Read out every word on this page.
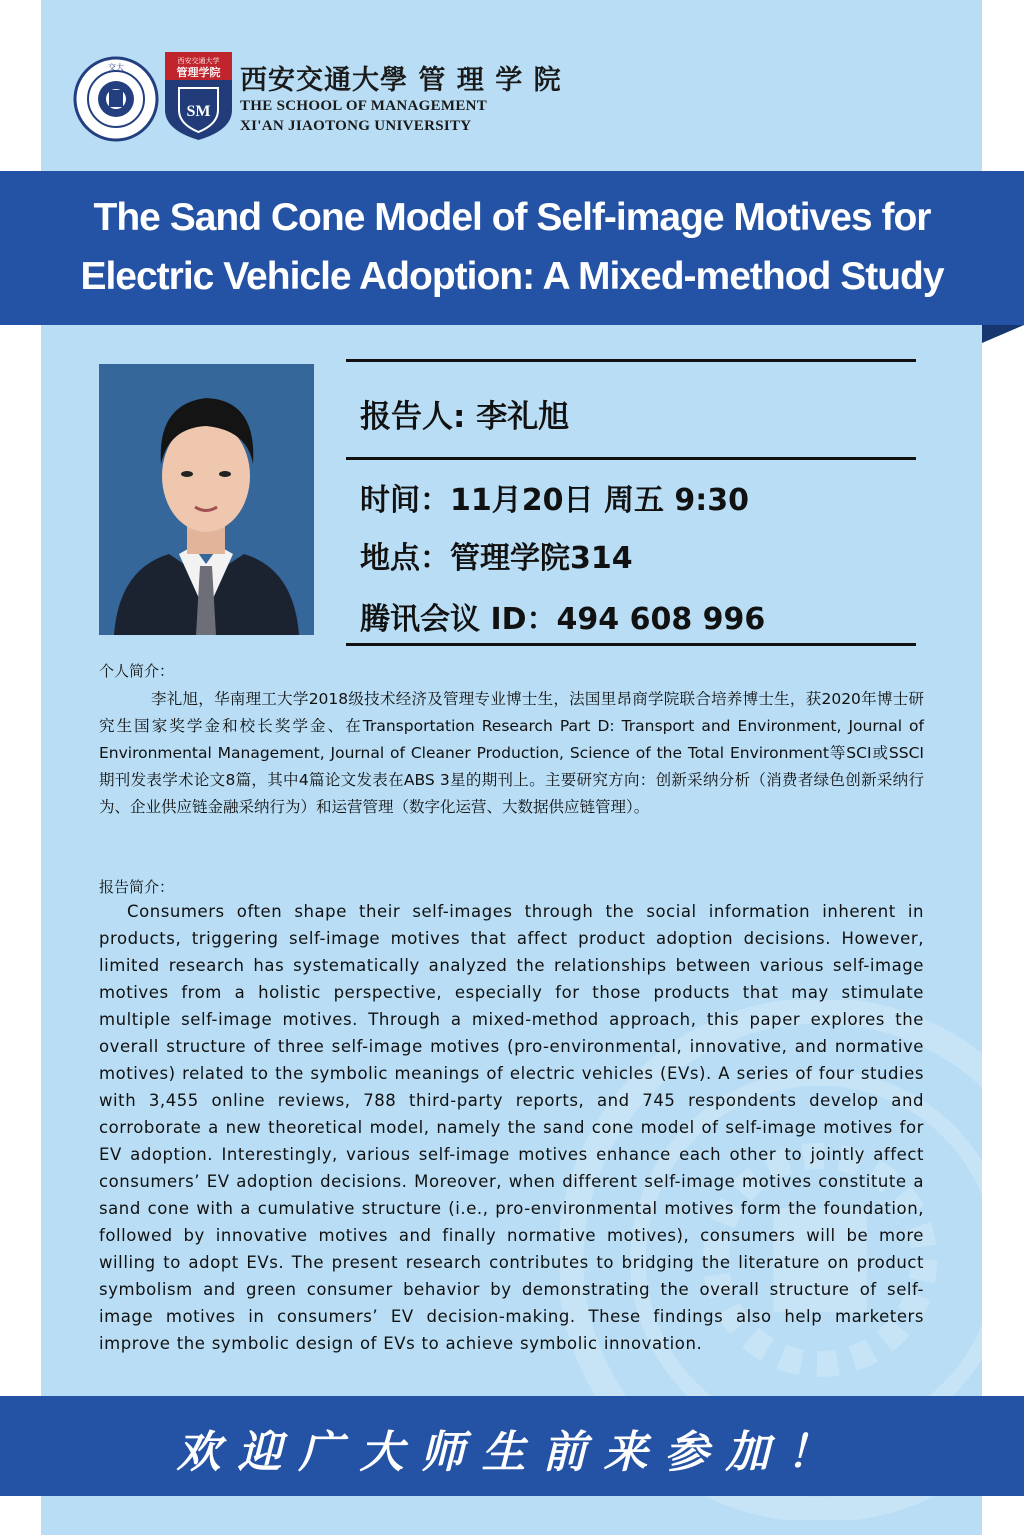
交大
西安交通大学
管理学院
SM
西安交通大學 管 理 学 院
THE SCHOOL OF MANAGEMENT
XI'AN JIAOTONG UNIVERSITY
The Sand Cone Model of Self-image Motives for
Electric Vehicle Adoption: A Mixed-method Study
报告人: 李礼旭
时间：11月20日 周五 9:30
地点：管理学院314
腾讯会议 ID：494 608 996
个人简介：
李礼旭，华南理工大学2018级技术经济及管理专业博士生，法国里昂商学院联合培养博士生，获2020年博士研究生国家奖学金和校长奖学金、在Transportation Research Part D: Transport and Environment, Journal of Environmental Management, Journal of Cleaner Production, Science of the Total Environment等SCI或SSCI 期刊发表学术论文8篇，其中4篇论文发表在ABS 3星的期刊上。主要研究方向：创新采纳分析（消费者绿色创新采纳行为、企业供应链金融采纳行为）和运营管理（数字化运营、大数据供应链管理）。
报告简介：
Consumers often shape their self-images through the social information inherent in products, triggering self-image motives that affect product adoption decisions. However, limited research has systematically analyzed the relationships between various self-image motives from a holistic perspective, especially for those products that may stimulate multiple self-image motives. Through a mixed-method approach, this paper explores the overall structure of three self-image motives (pro-environmental, innovative, and normative motives) related to the symbolic meanings of electric vehicles (EVs). A series of four studies with 3,455 online reviews, 788 third-party reports, and 745 respondents develop and corroborate a new theoretical model, namely the sand cone model of self-image motives for EV adoption. Interestingly, various self-image motives enhance each other to jointly affect consumers’ EV adoption decisions. Moreover, when different self-image motives constitute a sand cone with a cumulative structure (i.e., pro-environmental motives form the foundation, followed by innovative motives and finally normative motives), consumers will be more willing to adopt EVs. The present research contributes to bridging the literature on product symbolism and green consumer behavior by demonstrating the overall structure of self-image motives in consumers’ EV decision-making. These findings also help marketers improve the symbolic design of EVs to achieve symbolic innovation.
欢迎广大师生前来参加！
